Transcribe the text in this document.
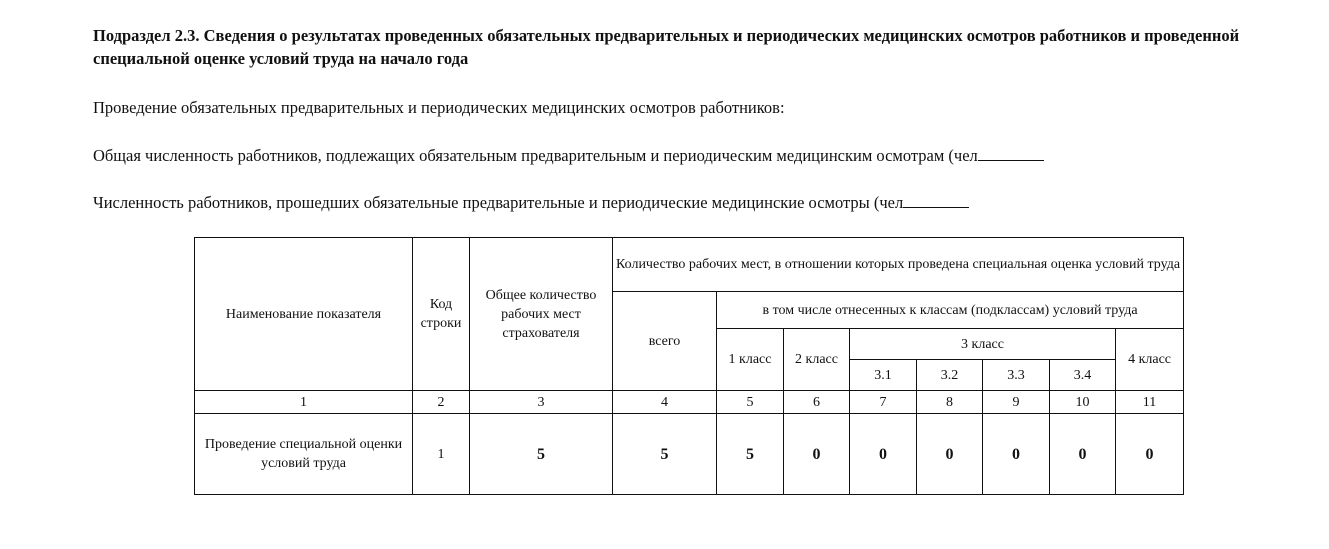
Подраздел 2.3. Сведения о результатах проведенных обязательных предварительных и периодических медицинских осмотров работников и проведенной специальной оценке условий труда на начало года
Проведение обязательных предварительных и периодических медицинских осмотров работников:
Общая численность работников, подлежащих обязательным предварительным и периодическим медицинским осмотрам (чел
Численность работников, прошедших обязательные предварительные и периодические медицинские осмотры (чел
Наименование показателя	Код строки	Общее количество рабочих мест страхователя	Количество рабочих мест, в отношении которых проведена специальная оценка условий труда							
			всего	в том числе отнесенных к классам (подклассам) условий труда						
				1 класс	2 класс	3 класс				4 класс
						3.1	3.2	3.3	3.4	
1	2	3	4	5	6	7	8	9	10	11
Проведение специальной оценки условий труда	1	5	5	5	0	0	0	0	0	0
